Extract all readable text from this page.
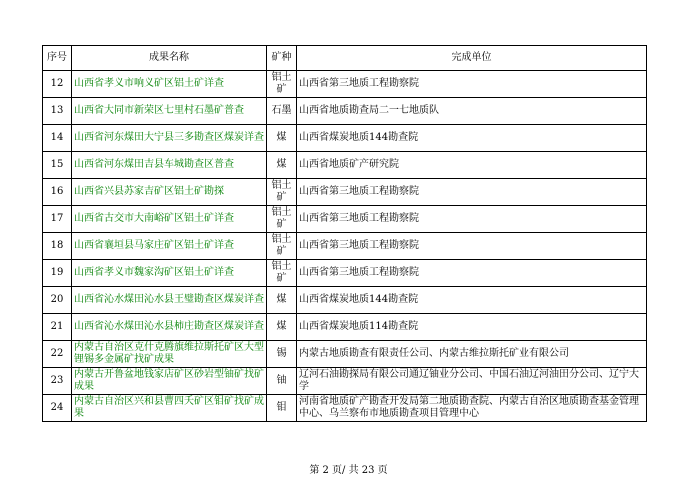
序号	成果名称	矿种	完成单位
12	山西省孝义市响义矿区铝土矿详查	铝土矿	山西省第三地质工程勘察院
13	山西省大同市新荣区七里村石墨矿普查	石墨	山西省地质勘查局二一七地质队
14	山西省河东煤田大宁县三多勘查区煤炭详查	煤	山西省煤炭地质144勘查院
15	山西省河东煤田吉县车城勘查区普查	煤	山西省地质矿产研究院
16	山西省兴县苏家吉矿区铝土矿勘探	铝土矿	山西省第三地质工程勘察院
17	山西省古交市大南峪矿区铝土矿详查	铝土矿	山西省第三地质工程勘察院
18	山西省襄垣县马家庄矿区铝土矿详查	铝土矿	山西省第三地质工程勘察院
19	山西省孝义市魏家沟矿区铝土矿详查	铝土矿	山西省第三地质工程勘察院
20	山西省沁水煤田沁水县王璧勘查区煤炭详查	煤	山西省煤炭地质144勘查院
21	山西省沁水煤田沁水县柿庄勘查区煤炭详查	煤	山西省煤炭地质114勘查院
22	内蒙古自治区克什克腾旗维拉斯托矿区大型锂锡多金属矿找矿成果	锡	内蒙古地质勘查有限责任公司、内蒙古维拉斯托矿业有限公司
23	内蒙古开鲁盆地钱家店矿区砂岩型铀矿找矿成果	铀	辽河石油勘探局有限公司通辽铀业分公司、中国石油辽河油田分公司、辽宁大学
24	内蒙古自治区兴和县曹四夭矿区钼矿找矿成果	钼	河南省地质矿产勘查开发局第二地质勘查院、内蒙古自治区地质勘查基金管理中心、乌兰察布市地质勘查项目管理中心
第 2 页/ 共 23 页
